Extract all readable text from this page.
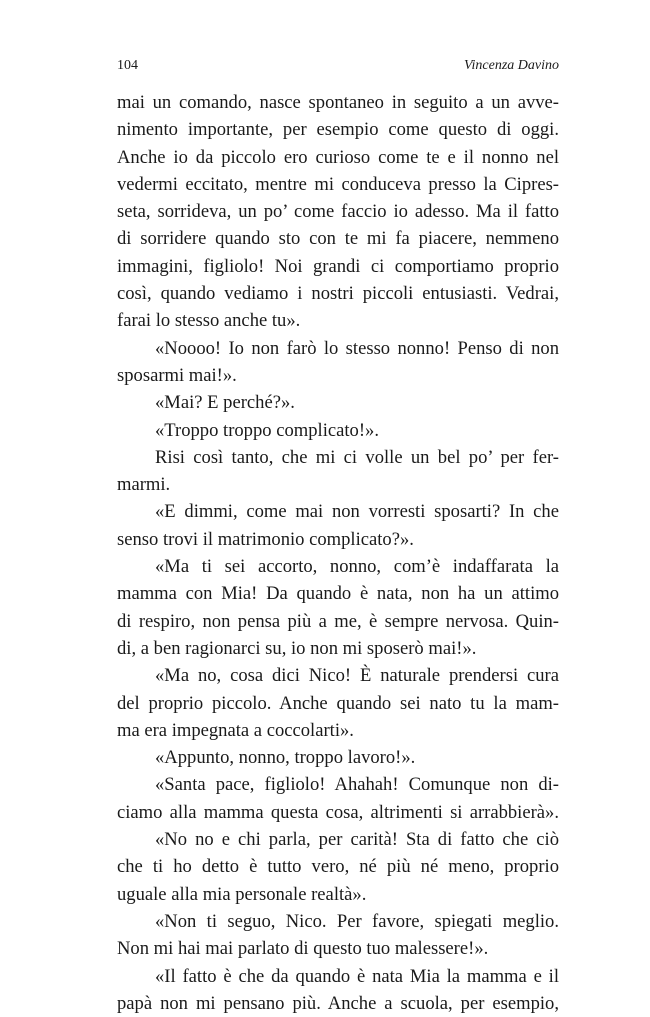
104	Vincenza Davino
mai un comando, nasce spontaneo in seguito a un avve-
nimento importante, per esempio come questo di oggi.
Anche io da piccolo ero curioso come te e il nonno nel
vedermi eccitato, mentre mi conduceva presso la Cipres-
seta, sorrideva, un po’ come faccio io adesso. Ma il fatto
di sorridere quando sto con te mi fa piacere, nemmeno
immagini, figliolo! Noi grandi ci comportiamo proprio
così, quando vediamo i nostri piccoli entusiasti. Vedrai,
farai lo stesso anche tu».
«Noooo! Io non farò lo stesso nonno! Penso di non
sposarmi mai!».
«Mai? E perché?».
«Troppo troppo complicato!».
Risi così tanto, che mi ci volle un bel po’ per fer-
marmi.
«E dimmi, come mai non vorresti sposarti? In che
senso trovi il matrimonio complicato?».
«Ma ti sei accorto, nonno, com’è indaffarata la
mamma con Mia! Da quando è nata, non ha un attimo
di respiro, non pensa più a me, è sempre nervosa. Quin-
di, a ben ragionarci su, io non mi sposerò mai!».
«Ma no, cosa dici Nico! È naturale prendersi cura
del proprio piccolo. Anche quando sei nato tu la mam-
ma era impegnata a coccolarti».
«Appunto, nonno, troppo lavoro!».
«Santa pace, figliolo! Ahahah! Comunque non di-
ciamo alla mamma questa cosa, altrimenti si arrabbierà».
«No no e chi parla, per carità! Sta di fatto che ciò
che ti ho detto è tutto vero, né più né meno, proprio
uguale alla mia personale realtà».
«Non ti seguo, Nico. Per favore, spiegati meglio.
Non mi hai mai parlato di questo tuo malessere!».
«Il fatto è che da quando è nata Mia la mamma e il
papà non mi pensano più. Anche a scuola, per esempio,
